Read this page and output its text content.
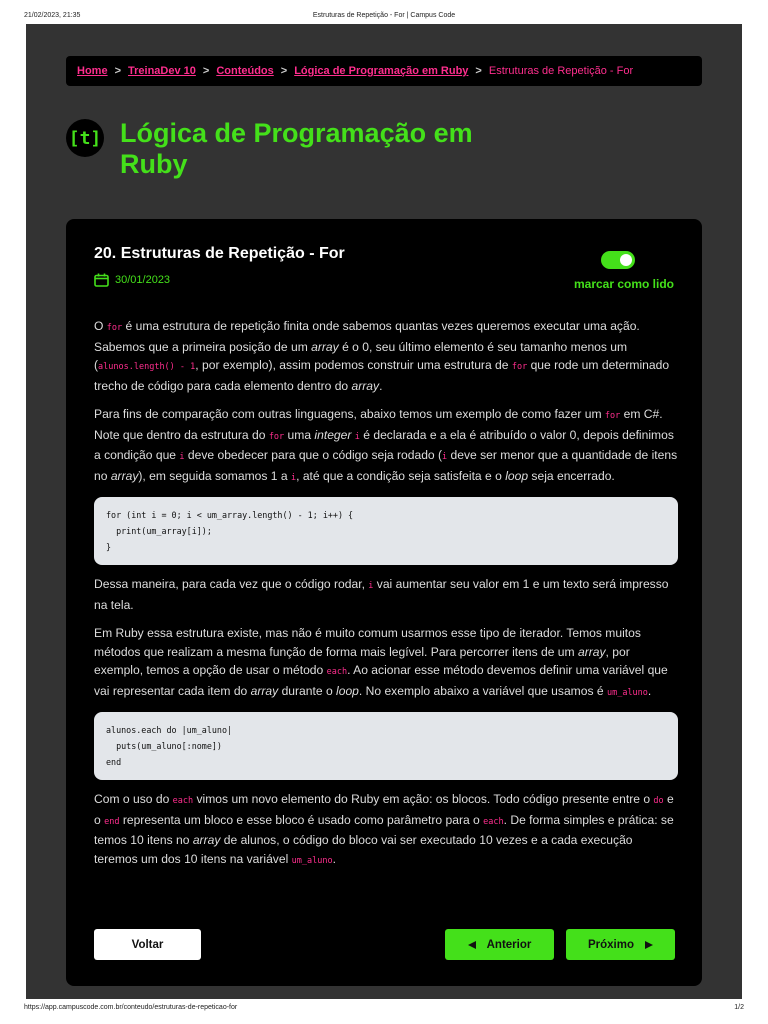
21/02/2023, 21:35	Estruturas de Repetição - For | Campus Code
Home > TreinaDev 10 > Conteúdos > Lógica de Programação em Ruby > Estruturas de Repetição - For
[t] Lógica de Programação em Ruby
20. Estruturas de Repetição - For
30/01/2023	marcar como lido

O for é uma estrutura de repetição finita onde sabemos quantas vezes queremos executar uma ação. Sabemos que a primeira posição de um array é o 0, seu último elemento é seu tamanho menos um (alunos.length() - 1, por exemplo), assim podemos construir uma estrutura de for que rode um determinado trecho de código para cada elemento dentro do array.

Para fins de comparação com outras linguagens, abaixo temos um exemplo de como fazer um for em C#. Note que dentro da estrutura do for uma integer i é declarada e a ela é atribuído o valor 0, depois definimos a condição que i deve obedecer para que o código seja rodado (i deve ser menor que a quantidade de itens no array), em seguida somamos 1 a i, até que a condição seja satisfeita e o loop seja encerrado.

for (int i = 0; i < um_array.length() - 1; i++) {
print(um_array[i]);
}

Dessa maneira, para cada vez que o código rodar, i vai aumentar seu valor em 1 e um texto será impresso na tela.

Em Ruby essa estrutura existe, mas não é muito comum usarmos esse tipo de iterador. Temos muitos métodos que realizam a mesma função de forma mais legível. Para percorrer itens de um array, por exemplo, temos a opção de usar o método each. Ao acionar esse método devemos definir uma variável que vai representar cada item do array durante o loop. No exemplo abaixo a variável que usamos é um_aluno.

alunos.each do |um_aluno|
puts(um_aluno[:nome])
end

Com o uso do each vimos um novo elemento do Ruby em ação: os blocos. Todo código presente entre o do e o end representa um bloco e esse bloco é usado como parâmetro para o each. De forma simples e prática: se temos 10 itens no array de alunos, o código do bloco vai ser executado 10 vezes e a cada execução teremos um dos 10 itens na variável um_aluno.

Voltar	Anterior	Próximo
https://app.campuscode.com.br/conteudo/estruturas-de-repeticao-for	1/2
